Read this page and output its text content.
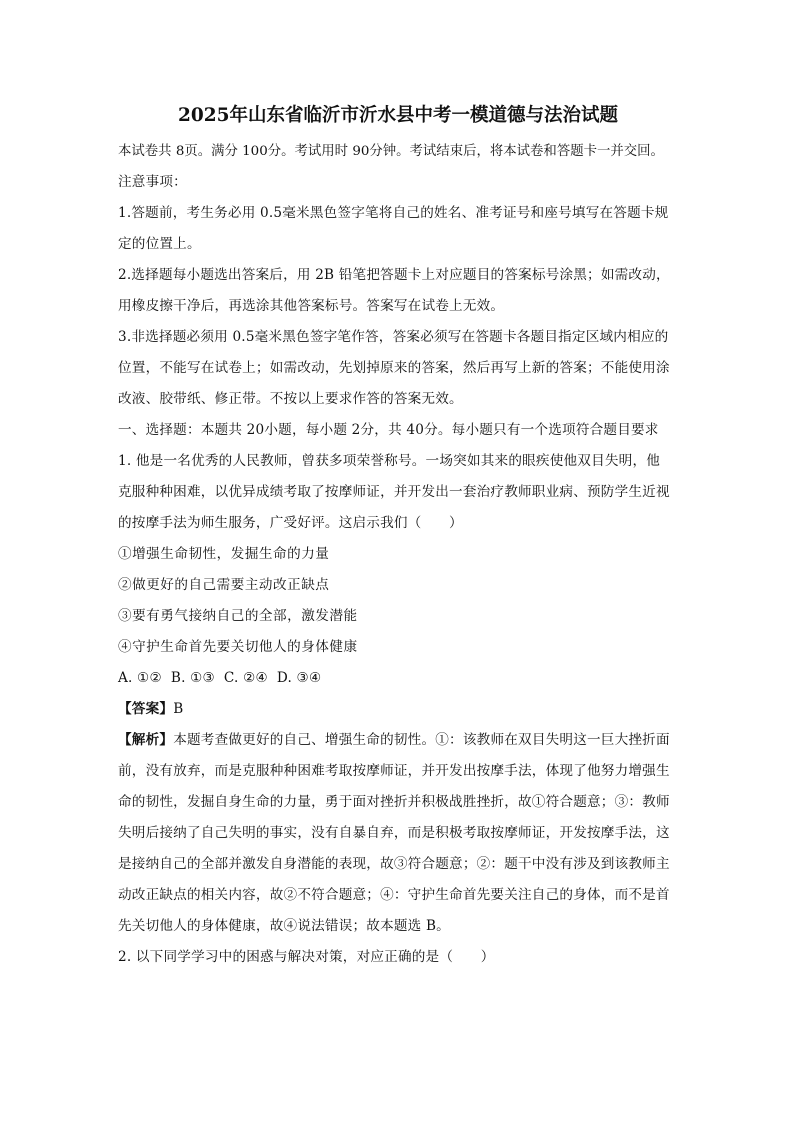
2025年山东省临沂市沂水县中考一模道德与法治试题

本试卷共 8页。满分 100分。考试用时 90分钟。考试结束后，将本试卷和答题卡一并交回。

注意事项：

1.答题前，考生务必用 0.5毫米黑色签字笔将自己的姓名、准考证号和座号填写在答题卡规

定的位置上。

2.选择题每小题选出答案后，用 2B 铅笔把答题卡上对应题目的答案标号涂黑；如需改动，

用橡皮擦干净后，再选涂其他答案标号。答案写在试卷上无效。

3.非选择题必须用 0.5毫米黑色签字笔作答，答案必须写在答题卡各题目指定区域内相应的

位置，不能写在试卷上；如需改动，先划掉原来的答案，然后再写上新的答案；不能使用涂

改液、胶带纸、修正带。不按以上要求作答的答案无效。

一、选择题：本题共 20小题，每小题 2分，共 40分。每小题只有一个选项符合题目要求

1. 他是一名优秀的人民教师，曾获多项荣誉称号。一场突如其来的眼疾使他双目失明，他

克服种种困难，以优异成绩考取了按摩师证，并开发出一套治疗教师职业病、预防学生近视

的按摩手法为师生服务，广受好评。这启示我们（　　）

①增强生命韧性，发掘生命的力量

②做更好的自己需要主动改正缺点

③要有勇气接纳自己的全部，激发潜能

④守护生命首先要关切他人的身体健康

A. ①②  B. ①③  C. ②④  D. ③④

【答案】B

【解析】本题考查做更好的自己、增强生命的韧性。①：该教师在双目失明这一巨大挫折面

前，没有放弃，而是克服种种困难考取按摩师证，并开发出按摩手法，体现了他努力增强生

命的韧性，发掘自身生命的力量，勇于面对挫折并积极战胜挫折，故①符合题意；③：教师

失明后接纳了自己失明的事实，没有自暴自弃，而是积极考取按摩师证，开发按摩手法，这

是接纳自己的全部并激发自身潜能的表现，故③符合题意；②：题干中没有涉及到该教师主

动改正缺点的相关内容，故②不符合题意；④：守护生命首先要关注自己的身体，而不是首

先关切他人的身体健康，故④说法错误；故本题选 B。

2. 以下同学学习中的困惑与解决对策，对应正确的是（　　）
